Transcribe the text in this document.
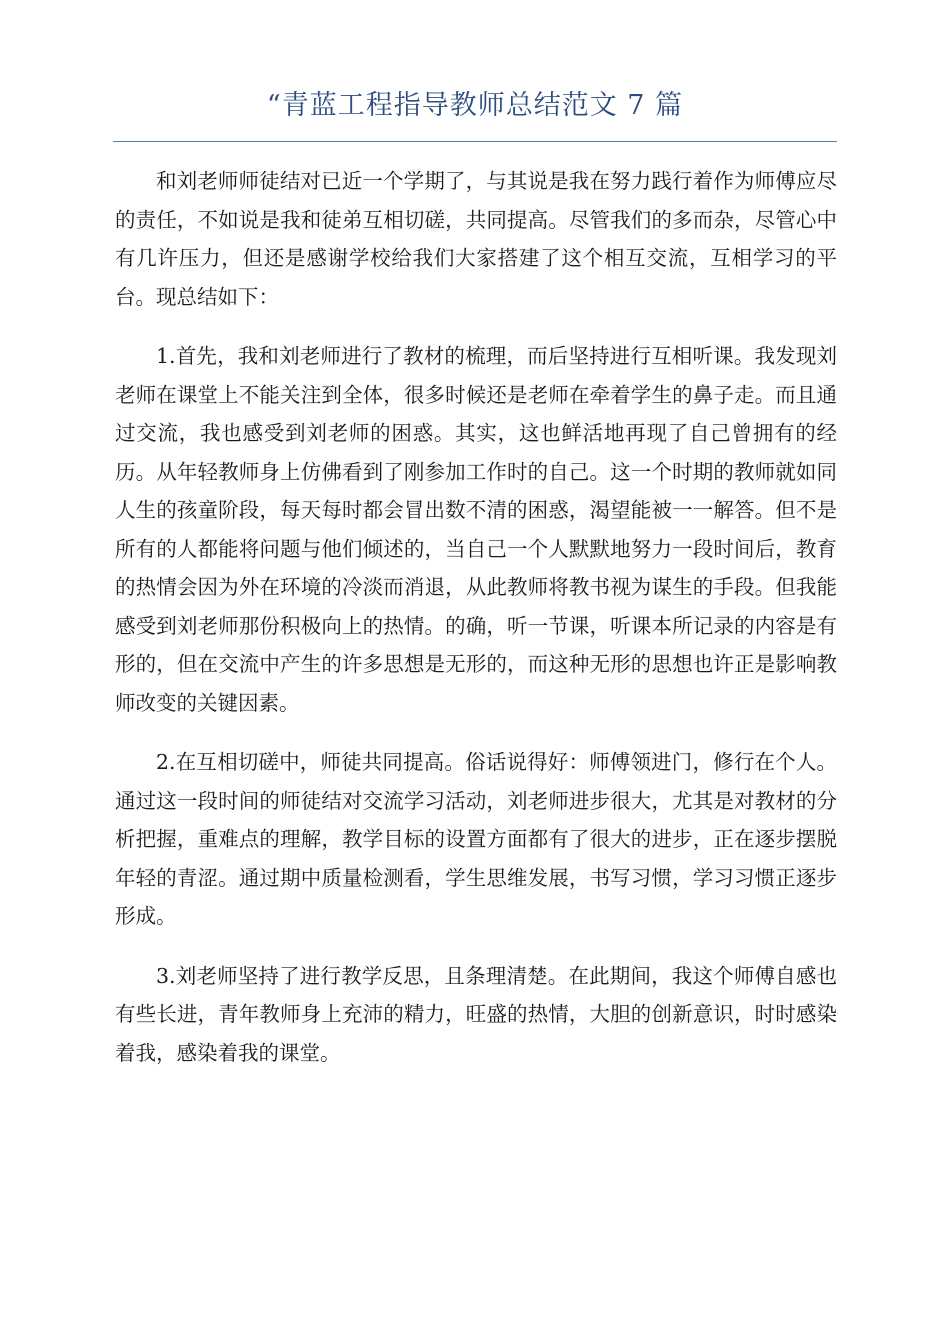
“青蓝工程指导教师总结范文 7 篇

和刘老师师徒结对已近一个学期了，与其说是我在努力践行着作为师傅应尽的责任，不如说是我和徒弟互相切磋，共同提高。尽管我们的多而杂，尽管心中有几许压力，但还是感谢学校给我们大家搭建了这个相互交流，互相学习的平台。现总结如下：

1.首先，我和刘老师进行了教材的梳理，而后坚持进行互相听课。我发现刘老师在课堂上不能关注到全体，很多时候还是老师在牵着学生的鼻子走。而且通过交流，我也感受到刘老师的困惑。其实，这也鲜活地再现了自己曾拥有的经历。从年轻教师身上仿佛看到了刚参加工作时的自己。这一个时期的教师就如同人生的孩童阶段，每天每时都会冒出数不清的困惑，渴望能被一一解答。但不是所有的人都能将问题与他们倾述的，当自己一个人默默地努力一段时间后，教育的热情会因为外在环境的冷淡而消退，从此教师将教书视为谋生的手段。但我能感受到刘老师那份积极向上的热情。的确，听一节课，听课本所记录的内容是有形的，但在交流中产生的许多思想是无形的，而这种无形的思想也许正是影响教师改变的关键因素。

2.在互相切磋中，师徒共同提高。俗话说得好：师傅领进门，修行在个人。通过这一段时间的师徒结对交流学习活动，刘老师进步很大，尤其是对教材的分析把握，重难点的理解，教学目标的设置方面都有了很大的进步，正在逐步摆脱年轻的青涩。通过期中质量检测看，学生思维发展，书写习惯，学习习惯正逐步形成。

3.刘老师坚持了进行教学反思，且条理清楚。在此期间，我这个师傅自感也有些长进，青年教师身上充沛的精力，旺盛的热情，大胆的创新意识，时时感染着我，感染着我的课堂。
